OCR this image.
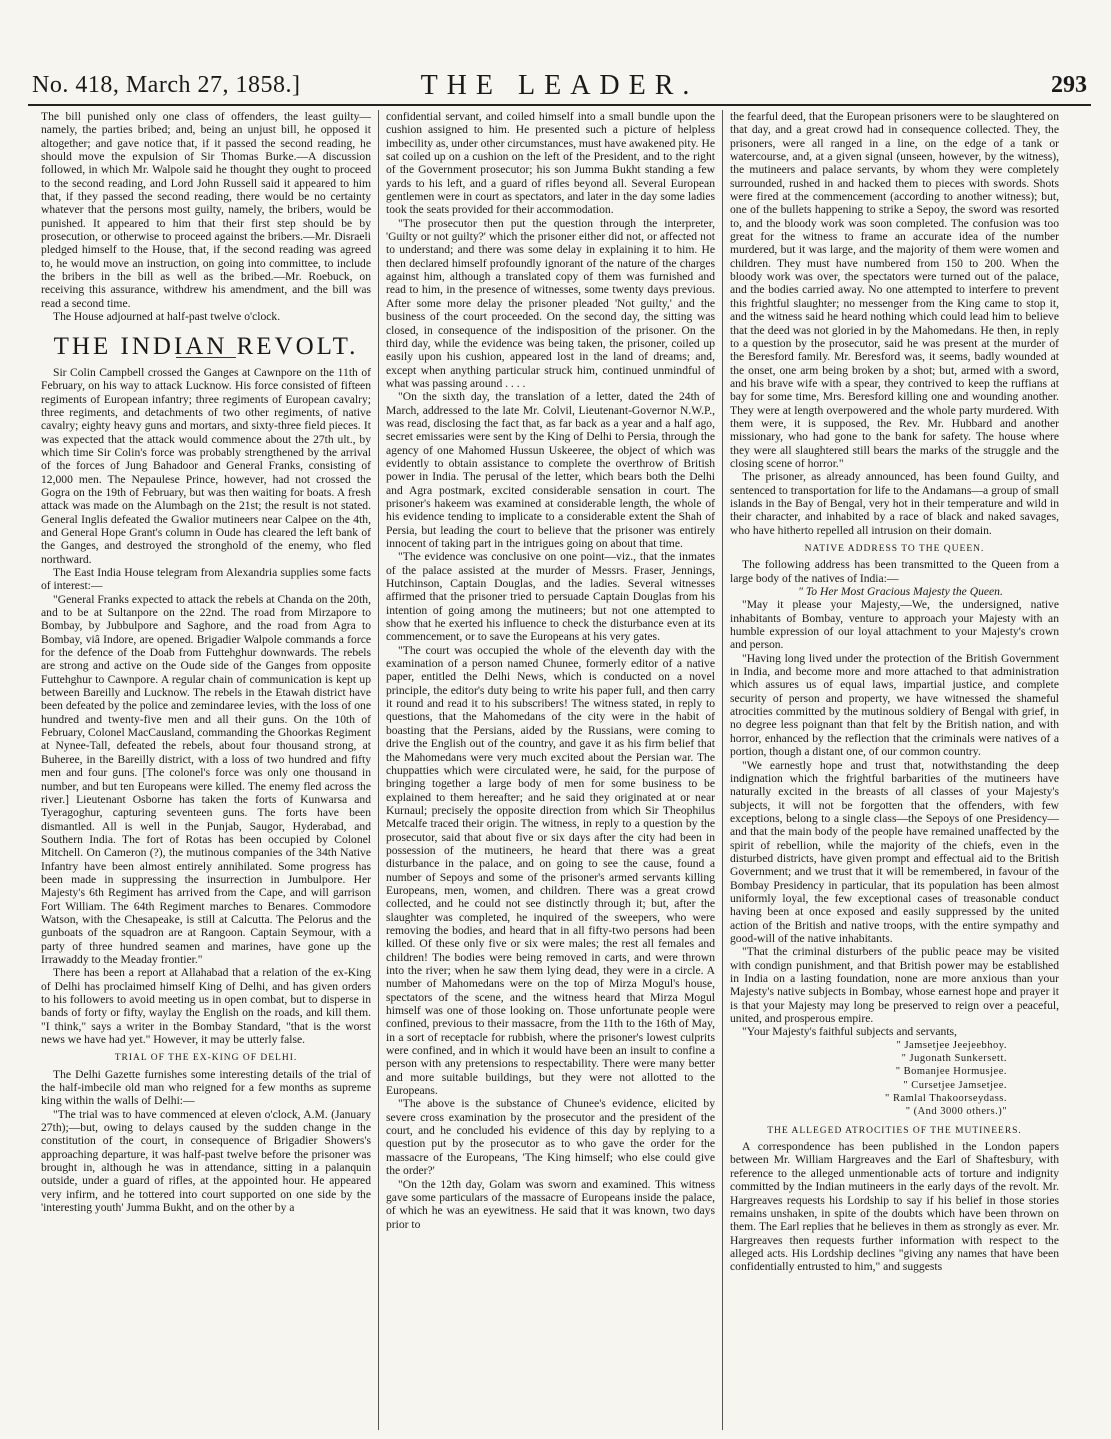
No. 418, March 27, 1858.]	THE LEADER.	293

The bill punished only one class of offenders, the least guilty—namely, the parties bribed; and, being an unjust bill, he opposed it altogether; and gave notice that, if it passed the second reading, he should move the expulsion of Sir Thomas Burke.—A discussion followed, in which Mr. Walpole said he thought they ought to proceed to the second reading, and Lord John Russell said it appeared to him that, if they passed the second reading, there would be no certainty whatever that the persons most guilty, namely, the bribers, would be punished. It appeared to him that their first step should be by prosecution, or otherwise to proceed against the bribers.—Mr. Disraeli pledged himself to the House, that, if the second reading was agreed to, he would move an instruction, on going into committee, to include the bribers in the bill as well as the bribed.—Mr. Roebuck, on receiving this assurance, withdrew his amendment, and the bill was read a second time.

The House adjourned at half-past twelve o'clock.

THE INDIAN REVOLT.

Sir Colin Campbell crossed the Ganges at Cawnpore on the 11th of February, on his way to attack Lucknow. His force consisted of fifteen regiments of European infantry; three regiments of European cavalry; three regiments, and detachments of two other regiments, of native cavalry; eighty heavy guns and mortars, and sixty-three field pieces. It was expected that the attack would commence about the 27th ult., by which time Sir Colin's force was probably strengthened by the arrival of the forces of Jung Bahadoor and General Franks, consisting of 12,000 men. The Nepaulese Prince, however, had not crossed the Gogra on the 19th of February, but was then waiting for boats. A fresh attack was made on the Alumbagh on the 21st; the result is not stated. General Inglis defeated the Gwalior mutineers near Calpee on the 4th, and General Hope Grant's column in Oude has cleared the left bank of the Ganges, and destroyed the stronghold of the enemy, who fled northward.

The East India House telegram from Alexandria supplies some facts of interest:—

"General Franks expected to attack the rebels at Chanda on the 20th, and to be at Sultanpore on the 22nd. The road from Mirzapore to Bombay, by Jubbulpore and Saghore, and the road from Agra to Bombay, viâ Indore, are opened. Brigadier Walpole commands a force for the defence of the Doab from Futtehghur downwards. The rebels are strong and active on the Oude side of the Ganges from opposite Futtehghur to Cawnpore. A regular chain of communication is kept up between Bareilly and Lucknow. The rebels in the Etawah district have been defeated by the police and zemindaree levies, with the loss of one hundred and twenty-five men and all their guns. On the 10th of February, Colonel MacCausland, commanding the Ghoorkas Regiment at Nynee-Tall, defeated the rebels, about four thousand strong, at Buheree, in the Bareilly district, with a loss of two hundred and fifty men and four guns. [The colonel's force was only one thousand in number, and but ten Europeans were killed. The enemy fled across the river.] Lieutenant Osborne has taken the forts of Kunwarsa and Tyeragoghur, capturing seventeen guns. The forts have been dismantled. All is well in the Punjab, Saugor, Hyderabad, and Southern India. The fort of Rotas has been occupied by Colonel Mitchell. On Cameron (?), the mutinous companies of the 34th Native Infantry have been almost entirely annihilated. Some progress has been made in suppressing the insurrection in Jumbulpore. Her Majesty's 6th Regiment has arrived from the Cape, and will garrison Fort William. The 64th Regiment marches to Benares. Commodore Watson, with the Chesapeake, is still at Calcutta. The Pelorus and the gunboats of the squadron are at Rangoon. Captain Seymour, with a party of three hundred seamen and marines, have gone up the Irrawaddy to the Meaday frontier."

There has been a report at Allahabad that a relation of the ex-King of Delhi has proclaimed himself King of Delhi, and has given orders to his followers to avoid meeting us in open combat, but to disperse in bands of forty or fifty, waylay the English on the roads, and kill them. "I think," says a writer in the Bombay Standard, "that is the worst news we have had yet." However, it may be utterly false.

TRIAL OF THE EX-KING OF DELHI.

The Delhi Gazette furnishes some interesting details of the trial of the half-imbecile old man who reigned for a few months as supreme king within the walls of Delhi:—

"The trial was to have commenced at eleven o'clock, A.M. (January 27th);—but, owing to delays caused by the sudden change in the constitution of the court, in consequence of Brigadier Showers's approaching departure, it was half-past twelve before the prisoner was brought in, although he was in attendance, sitting in a palanquin outside, under a guard of rifles, at the appointed hour. He appeared very infirm, and he tottered into court supported on one side by the 'interesting youth' Jumma Bukht, and on the other by a

confidential servant, and coiled himself into a small bundle upon the cushion assigned to him. He presented such a picture of helpless imbecility as, under other circumstances, must have awakened pity. He sat coiled up on a cushion on the left of the President, and to the right of the Government prosecutor; his son Jumma Bukht standing a few yards to his left, and a guard of rifles beyond all. Several European gentlemen were in court as spectators, and later in the day some ladies took the seats provided for their accommodation.

"The prosecutor then put the question through the interpreter, 'Guilty or not guilty?' which the prisoner either did not, or affected not to understand; and there was some delay in explaining it to him. He then declared himself profoundly ignorant of the nature of the charges against him, although a translated copy of them was furnished and read to him, in the presence of witnesses, some twenty days previous. After some more delay the prisoner pleaded 'Not guilty,' and the business of the court proceeded. On the second day, the sitting was closed, in consequence of the indisposition of the prisoner. On the third day, while the evidence was being taken, the prisoner, coiled up easily upon his cushion, appeared lost in the land of dreams; and, except when anything particular struck him, continued unmindful of what was passing around . . . .

"On the sixth day, the translation of a letter, dated the 24th of March, addressed to the late Mr. Colvil, Lieutenant-Governor N.W.P., was read, disclosing the fact that, as far back as a year and a half ago, secret emissaries were sent by the King of Delhi to Persia, through the agency of one Mahomed Hussun Uskeeree, the object of which was evidently to obtain assistance to complete the overthrow of British power in India. The perusal of the letter, which bears both the Delhi and Agra postmark, excited considerable sensation in court. The prisoner's hakeem was examined at considerable length, the whole of his evidence tending to implicate to a considerable extent the Shah of Persia, but leading the court to believe that the prisoner was entirely innocent of taking part in the intrigues going on about that time.

"The evidence was conclusive on one point—viz., that the inmates of the palace assisted at the murder of Messrs. Fraser, Jennings, Hutchinson, Captain Douglas, and the ladies. Several witnesses affirmed that the prisoner tried to persuade Captain Douglas from his intention of going among the mutineers; but not one attempted to show that he exerted his influence to check the disturbance even at its commencement, or to save the Europeans at his very gates.

"The court was occupied the whole of the eleventh day with the examination of a person named Chunee, formerly editor of a native paper, entitled the Delhi News, which is conducted on a novel principle, the editor's duty being to write his paper full, and then carry it round and read it to his subscribers! The witness stated, in reply to questions, that the Mahomedans of the city were in the habit of boasting that the Persians, aided by the Russians, were coming to drive the English out of the country, and gave it as his firm belief that the Mahomedans were very much excited about the Persian war. The chuppatties which were circulated were, he said, for the purpose of bringing together a large body of men for some business to be explained to them hereafter; and he said they originated at or near Kurnaul; precisely the opposite direction from which Sir Theophilus Metcalfe traced their origin. The witness, in reply to a question by the prosecutor, said that about five or six days after the city had been in possession of the mutineers, he heard that there was a great disturbance in the palace, and on going to see the cause, found a number of Sepoys and some of the prisoner's armed servants killing Europeans, men, women, and children. There was a great crowd collected, and he could not see distinctly through it; but, after the slaughter was completed, he inquired of the sweepers, who were removing the bodies, and heard that in all fifty-two persons had been killed. Of these only five or six were males; the rest all females and children! The bodies were being removed in carts, and were thrown into the river; when he saw them lying dead, they were in a circle. A number of Mahomedans were on the top of Mirza Mogul's house, spectators of the scene, and the witness heard that Mirza Mogul himself was one of those looking on. Those unfortunate people were confined, previous to their massacre, from the 11th to the 16th of May, in a sort of receptacle for rubbish, where the prisoner's lowest culprits were confined, and in which it would have been an insult to confine a person with any pretensions to respectability. There were many better and more suitable buildings, but they were not allotted to the Europeans.

"The above is the substance of Chunee's evidence, elicited by severe cross examination by the prosecutor and the president of the court, and he concluded his evidence of this day by replying to a question put by the prosecutor as to who gave the order for the massacre of the Europeans, 'The King himself; who else could give the order?'

"On the 12th day, Golam was sworn and examined. This witness gave some particulars of the massacre of Europeans inside the palace, of which he was an eyewitness. He said that it was known, two days prior to

the fearful deed, that the European prisoners were to be slaughtered on that day, and a great crowd had in consequence collected. They, the prisoners, were all ranged in a line, on the edge of a tank or watercourse, and, at a given signal (unseen, however, by the witness), the mutineers and palace servants, by whom they were completely surrounded, rushed in and hacked them to pieces with swords. Shots were fired at the commencement (according to another witness); but, one of the bullets happening to strike a Sepoy, the sword was resorted to, and the bloody work was soon completed. The confusion was too great for the witness to frame an accurate idea of the number murdered, but it was large, and the majority of them were women and children. They must have numbered from 150 to 200. When the bloody work was over, the spectators were turned out of the palace, and the bodies carried away. No one attempted to interfere to prevent this frightful slaughter; no messenger from the King came to stop it, and the witness said he heard nothing which could lead him to believe that the deed was not gloried in by the Mahomedans. He then, in reply to a question by the prosecutor, said he was present at the murder of the Beresford family. Mr. Beresford was, it seems, badly wounded at the onset, one arm being broken by a shot; but, armed with a sword, and his brave wife with a spear, they contrived to keep the ruffians at bay for some time, Mrs. Beresford killing one and wounding another. They were at length overpowered and the whole party murdered. With them were, it is supposed, the Rev. Mr. Hubbard and another missionary, who had gone to the bank for safety. The house where they were all slaughtered still bears the marks of the struggle and the closing scene of horror."

The prisoner, as already announced, has been found Guilty, and sentenced to transportation for life to the Andamans—a group of small islands in the Bay of Bengal, very hot in their temperature and wild in their character, and inhabited by a race of black and naked savages, who have hitherto repelled all intrusion on their domain.

NATIVE ADDRESS TO THE QUEEN.

The following address has been transmitted to the Queen from a large body of the natives of India:—

" To Her Most Gracious Majesty the Queen.

"May it please your Majesty,—We, the undersigned, native inhabitants of Bombay, venture to approach your Majesty with an humble expression of our loyal attachment to your Majesty's crown and person.

"Having long lived under the protection of the British Government in India, and become more and more attached to that administration which assures us of equal laws, impartial justice, and complete security of person and property, we have witnessed the shameful atrocities committed by the mutinous soldiery of Bengal with grief, in no degree less poignant than that felt by the British nation, and with horror, enhanced by the reflection that the criminals were natives of a portion, though a distant one, of our common country.

"We earnestly hope and trust that, notwithstanding the deep indignation which the frightful barbarities of the mutineers have naturally excited in the breasts of all classes of your Majesty's subjects, it will not be forgotten that the offenders, with few exceptions, belong to a single class—the Sepoys of one Presidency—and that the main body of the people have remained unaffected by the spirit of rebellion, while the majority of the chiefs, even in the disturbed districts, have given prompt and effectual aid to the British Government; and we trust that it will be remembered, in favour of the Bombay Presidency in particular, that its population has been almost uniformly loyal, the few exceptional cases of treasonable conduct having been at once exposed and easily suppressed by the united action of the British and native troops, with the entire sympathy and good-will of the native inhabitants.

"That the criminal disturbers of the public peace may be visited with condign punishment, and that British power may be established in India on a lasting foundation, none are more anxious than your Majesty's native subjects in Bombay, whose earnest hope and prayer it is that your Majesty may long be preserved to reign over a peaceful, united, and prosperous empire.

"Your Majesty's faithful subjects and servants,

" Jamsetjee Jeejeebhoy.

" Jugonath Sunkersett.

" Bomanjee Hormusjee.

" Cursetjee Jamsetjee.

" Ramlal Thakoorseydass.

" (And 3000 others.)"

THE ALLEGED ATROCITIES OF THE MUTINEERS.

A correspondence has been published in the London papers between Mr. William Hargreaves and the Earl of Shaftesbury, with reference to the alleged unmentionable acts of torture and indignity committed by the Indian mutineers in the early days of the revolt. Mr. Hargreaves requests his Lordship to say if his belief in those stories remains unshaken, in spite of the doubts which have been thrown on them. The Earl replies that he believes in them as strongly as ever. Mr. Hargreaves then requests further information with respect to the alleged acts. His Lordship declines "giving any names that have been confidentially entrusted to him," and suggests
